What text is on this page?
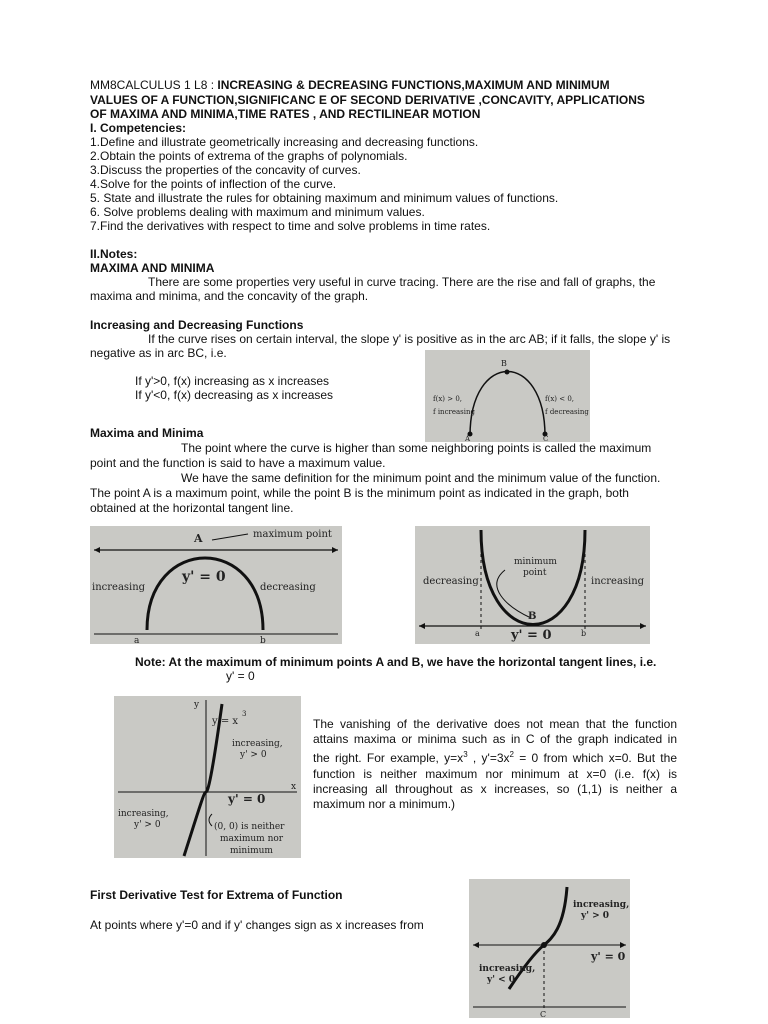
MM8CALCULUS 1 L8 : INCREASING & DECREASING FUNCTIONS,MAXIMUM AND MINIMUM
VALUES OF A FUNCTION,SIGNIFICANC E OF SECOND DERIVATIVE ,CONCAVITY, APPLICATIONS
OF MAXIMA AND MINIMA,TIME RATES , AND RECTILINEAR MOTION
I. Competencies:
1.Define and illustrate geometrically increasing and decreasing functions.
2.Obtain the points of extrema of the graphs of polynomials.
3.Discuss the properties of the concavity of curves.
4.Solve for the points of inflection of the curve.
5. State and illustrate the rules for obtaining maximum and minimum values of functions.
6. Solve problems dealing with maximum and minimum values.
7.Find the derivatives with respect to time and solve problems in time rates.
II.Notes:
MAXIMA AND MINIMA
There are some properties very useful in curve tracing. There are the rise and fall of graphs, the
maxima and minima, and the concavity of the graph.
Increasing and Decreasing Functions
If the curve rises on certain interval, the slope y' is positive as in the arc AB; if it falls, the slope y' is
negative as in arc BC, i.e.
If y'>0, f(x) increasing as x increases
If y'<0, f(x) decreasing as x increases
B
A	C
f(x) > 0,
f increasing
f(x) < 0,
f decreasing
Maxima and Minima
The point where the curve is higher than some neighboring points is called the maximum
point and the function is said to have a maximum value.
We have the same definition for the minimum point and the minimum value of the function.
The point A is a maximum point, while the point B is the minimum point as indicated in the graph, both
obtained at the horizontal tangent line.
A	maximum point
y' = 0
increasing	decreasing
a	b
minimum
point
decreasing	increasing
B
y' = 0
a	b
Note: At the maximum of minimum points A and B, we have the horizontal tangent lines, i.e.
y' = 0
y
x
y = x
3
increasing,
y' > 0
y' = 0
increasing,
y' > 0	(0, 0) is neither
maximum nor
minimum
The vanishing of the derivative does not mean that the function
attains maxima or minima such as in C of the graph indicated in
the right. For example, $y=x^3$ , $y'=3x^2 = 0$ from which x=0. But the
function is neither maximum nor minimum at x=0 (i.e. f(x) is
increasing all throughout as x increases, so (1,1) is neither a
maximum nor a minimum.)
First Derivative Test for Extrema of Function
At points where y'=0 and if y' changes sign as x increases from
increasing,
y' > 0
y' = 0
increasing,
y' < 0
C
